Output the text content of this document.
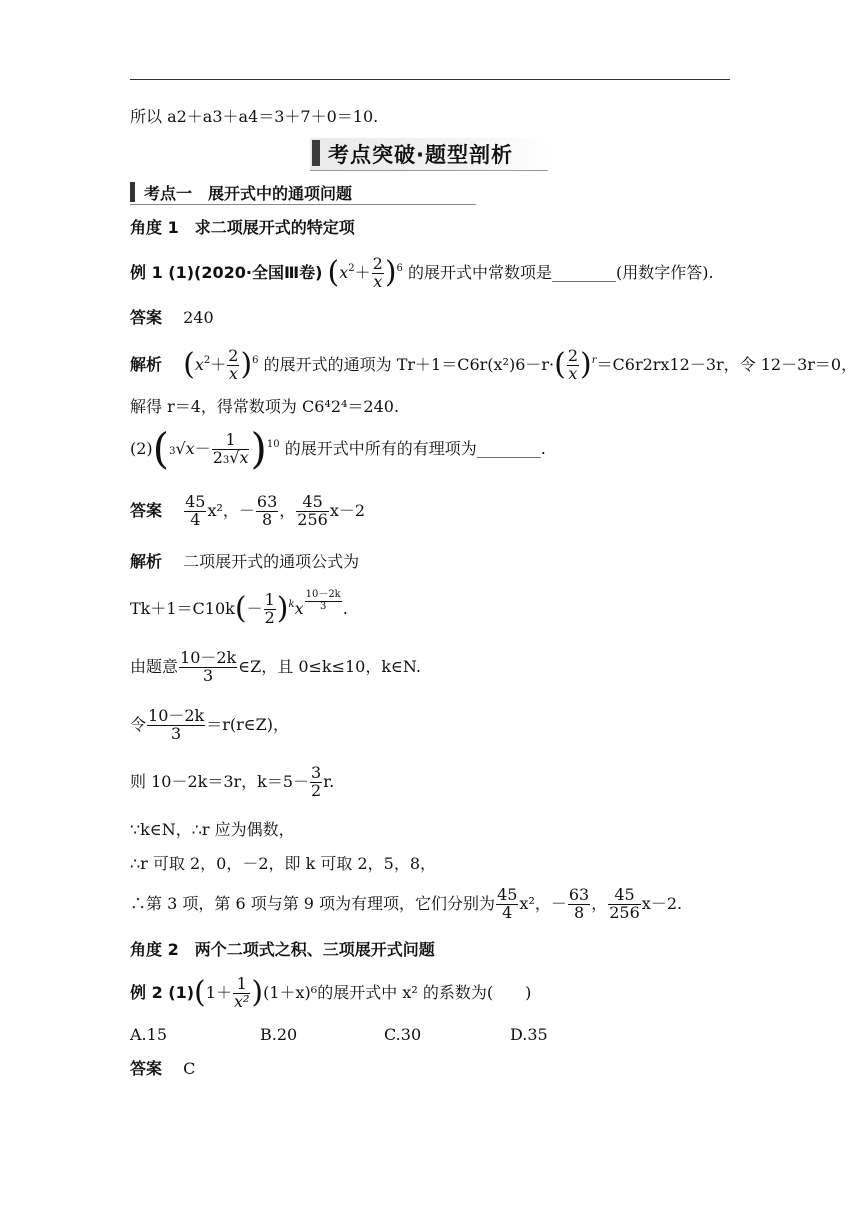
所以 a2＋a3＋a4＝3＋7＋0＝10.
考点突破·题型剖析
考点一　展开式中的通项问题
角度 1　求二项展开式的特定项
例 1 (1)(2020·全国Ⅲ卷) $(x^2+ \frac{2}{x} )^6$ 的展开式中常数项是________(用数字作答).
答案　 240
解析　 $(x^2+ \frac{2}{x} )^6$ 的展开式的通项为 $Tr+1=C6r(x^2)6-r\cdot( \frac{2}{x} )^r=C6r2rx12-3r$，令 12－3r＝0，
解得 r＝4，得常数项为 C6⁴2⁴＝240.
$(2)(3√x- \frac{1}{23√x} )^{10}$ 的展开式中所有的有理项为________.
答案　 $\frac{45}{4} x^2$，－ $\frac{63}{8}$ ， $\frac{45}{256} x-2$
解析　 二项展开式的通项公式为
$Tk+1=C10k(- \frac{1}{2} )^kx \frac{10-2k}{3}$ .
由题意 $\frac{10-2k}{3}$ ∈Z，且 0≤k≤10，k∈N.
令 $\frac{10-2k}{3}$ ＝r(r∈Z)，
则 10－2k＝3r，$k=5- \frac{3}{2} r$.
∵k∈N，∴r 应为偶数，
∴r 可取 2，0，－2，即 k 可取 2，5，8，
∴第 3 项，第 6 项与第 9 项为有理项，它们分别为 $\frac{45}{4} x^2$，－ $\frac{63}{8}$ ， $\frac{45}{256} x-2$.
角度 2　两个二项式之积、三项展开式问题
例 2 $(1)(1+ \frac{1}{\text{x²}} )(1+x)^6$的展开式中 x² 的系数为(　　)
A.15	B.20	C.30	D.35
答案　 C
